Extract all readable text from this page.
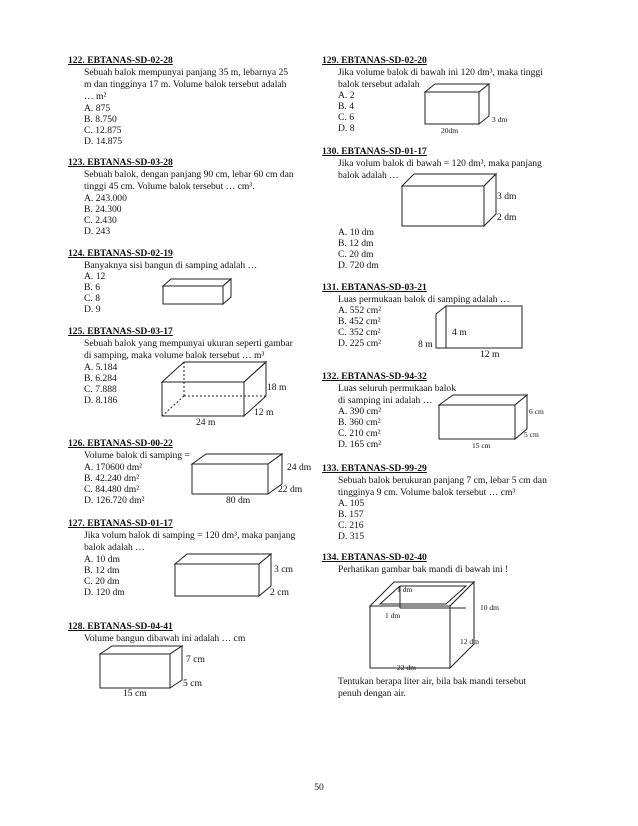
122. EBTANAS-SD-02-28
Sebuah balok mempunyai panjang 35 m, lebarnya 25
m dan tingginya 17 m. Volume balok tersebut adalah
… m²
A. 875
B. 8.750
C. 12.875
D. 14.875
123. EBTANAS-SD-03-28
Sebuah balok, dengan panjang 90 cm, lebar 60 cm dan
tinggi 45 cm. Volume balok tersebut … cm³.
A. 243.000
B. 24.300
C. 2.430
D. 243
124. EBTANAS-SD-02-19
Banyaknya sisi bangun di samping adalah …
A. 12
B. 6
C. 8
D. 9
125. EBTANAS-SD-03-17
Sebuah balok yang mempunyai ukuran seperti gambar
di samping, maka volume balok tersebut … m³
A. 5.184
B. 6.284
C. 7.888
D. 8.186
18 m
12 m
24 m
126. EBTANAS-SD-00-22
Volume balok di samping =
A. 170600 dm²
B. 42.240 dm²
C. 84.480 dm²
D. 126.720 dm²
24 dm
22 dm
80 dm
127. EBTANAS-SD-01-17
Jika volum balok di samping = 120 dm³, maka panjang
balok adalah …
A. 10 dm
B. 12 dm
C. 20 dm
D. 120 dm
3 cm
2 cm
128. EBTANAS-SD-04-41
Volume bangun dibawah ini adalah … cm
7 cm
5 cm
15 cm
129. EBTANAS-SD-02-20
Jika volume balok di bawah ini 120 dm³, maka tinggi
balok tersebut adalah
A. 2
B. 4
C. 6
D. 8
3 dm
20dm
130. EBTANAS-SD-01-17
Jika volum balok di bawah = 120 dm³, maka panjang
balok adalah …
3 dm
2 dm
A. 10 dm
B. 12 dm
C. 20 dm
D. 720 dm
131. EBTANAS-SD-03-21
Luas permukaan balok di samping adalah …
A. 552 cm²
B. 452 cm²
C. 352 cm²
D. 225 cm²
4 m
8 m
12 m
132. EBTANAS-SD-94-32
Luas seluruh permukaan balok
di samping ini adalah …
A. 390 cm²
B. 360 cm²
C. 210 cm²
D. 165 cm²
6 cm
5 cm
15 cm
133. EBTANAS-SD-99-29
Sebuah balok berukuran panjang 7 cm, lebar 5 cm dan
tingginya 9 cm. Volume balok tersebut … cm³
A. 105
B. 157
C. 216
D. 315
134. EBTANAS-SD-02-40
Perhatikan gambar bak mandi di bawah ini !
1 dm
1 dm
10 dm
12 dm
22 dm
Tentukan berapa liter air, bila bak mandi tersebut
penuh dengan air.
50
